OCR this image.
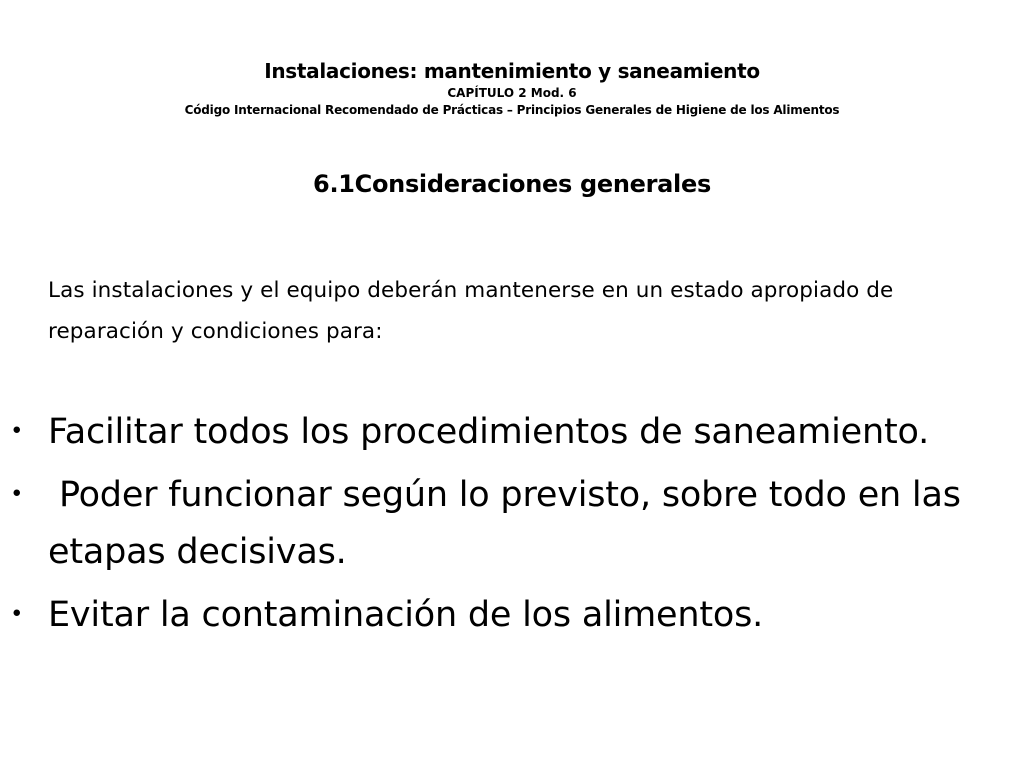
Instalaciones: mantenimiento y saneamiento
CAPÍTULO 2 Mod. 6
Código Internacional Recomendado de Prácticas – Principios Generales de Higiene de los Alimentos
6.1Consideraciones generales
Las instalaciones y el equipo deberán mantenerse en un estado apropiado de reparación y condiciones para:
･ Facilitar todos los procedimientos de saneamiento.
･ Poder funcionar según lo previsto, sobre todo en las etapas decisivas.
･ Evitar la contaminación de los alimentos.
